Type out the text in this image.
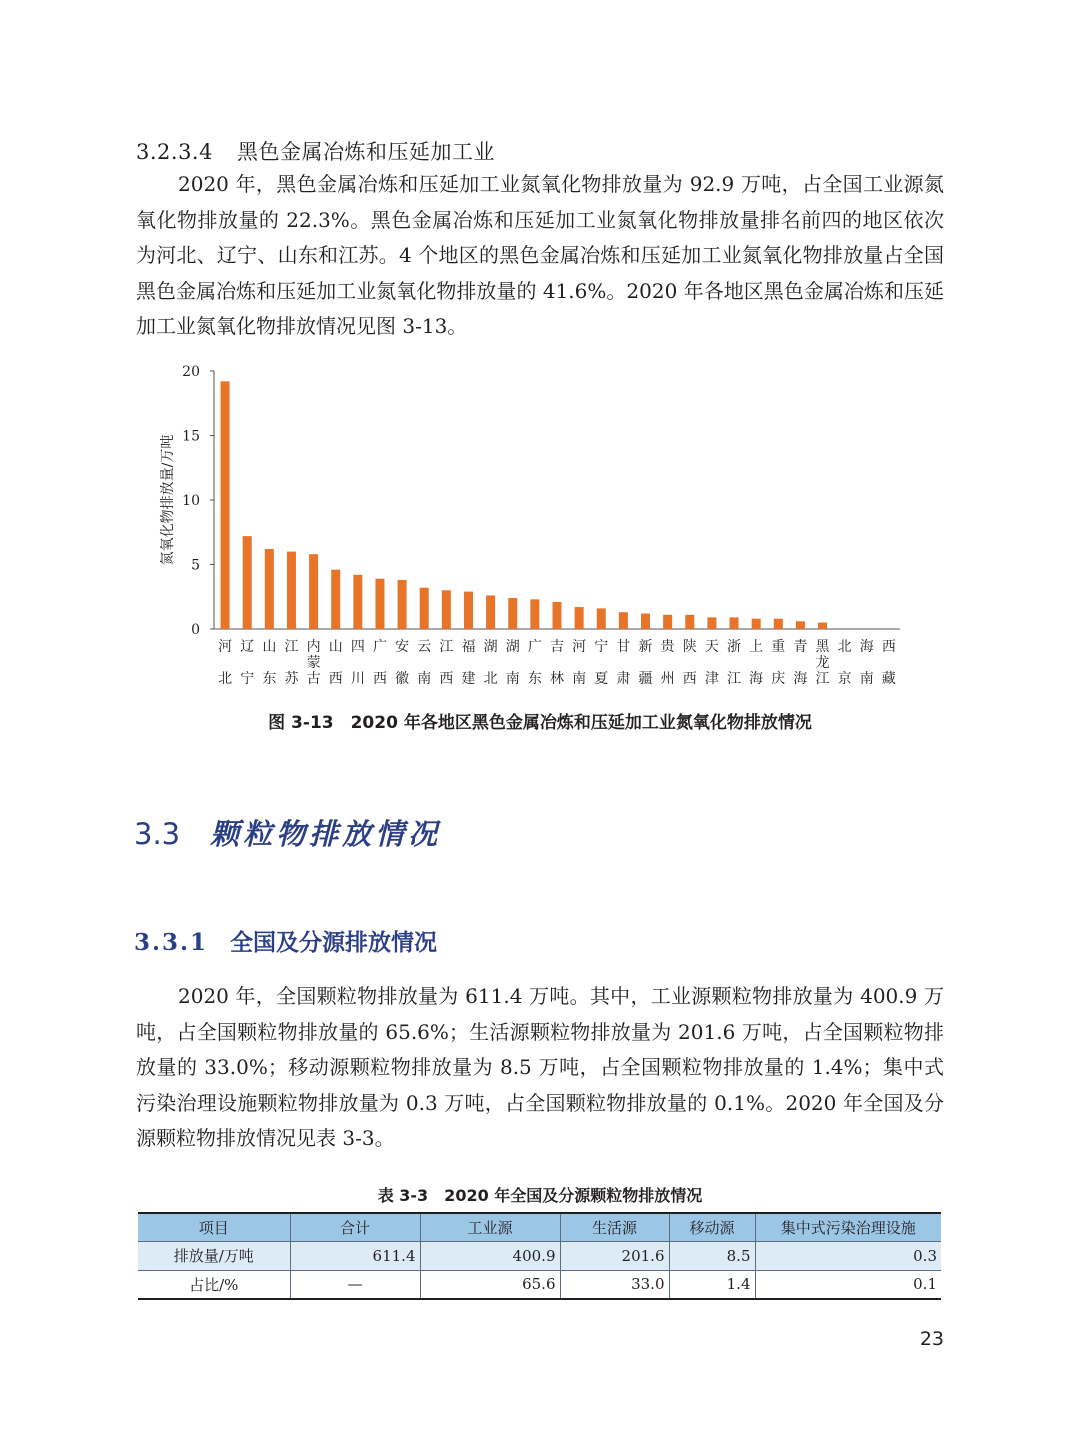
3.2.3.4 黑色金属冶炼和压延加工业

2020 年，黑色金属冶炼和压延加工业氮氧化物排放量为 92.9 万吨，占全国工业源氮氧化物排放量的 22.3%。黑色金属冶炼和压延加工业氮氧化物排放量排名前四的地区依次为河北、辽宁、山东和江苏。4 个地区的黑色金属冶炼和压延加工业氮氧化物排放量占全国黑色金属冶炼和压延加工业氮氧化物排放量的 41.6%。2020 年各地区黑色金属冶炼和压延加工业氮氧化物排放情况见图 3-13。

0
5
10
15
20
氮氧化物排放量/万吨
河北
辽宁
山东
江苏
内蒙古
山西
四川
广西
安徽
云南
江西
福建
湖北
湖南
广东
吉林
河南
宁夏
甘肃
新疆
贵州
陕西
天津
浙江
上海
重庆
青海
黑龙江
北京
海南
西藏
图 3-13　2020 年各地区黑色金属冶炼和压延加工业氮氧化物排放情况
3.3 颗粒物排放情况
3.3.1 全国及分源排放情况

2020 年，全国颗粒物排放量为 611.4 万吨。其中，工业源颗粒物排放量为 400.9 万吨，占全国颗粒物排放量的 65.6%；生活源颗粒物排放量为 201.6 万吨，占全国颗粒物排放量的 33.0%；移动源颗粒物排放量为 8.5 万吨，占全国颗粒物排放量的 1.4%；集中式污染治理设施颗粒物排放量为 0.3 万吨，占全国颗粒物排放量的 0.1%。2020 年全国及分源颗粒物排放情况见表 3-3。

表 3-3　2020 年全国及分源颗粒物排放情况
项目	合计	工业源	生活源	移动源	集中式污染治理设施
排放量/万吨	611.4	400.9	201.6	8.5	0.3
占比/%	—	65.6	33.0	1.4	0.1
23
